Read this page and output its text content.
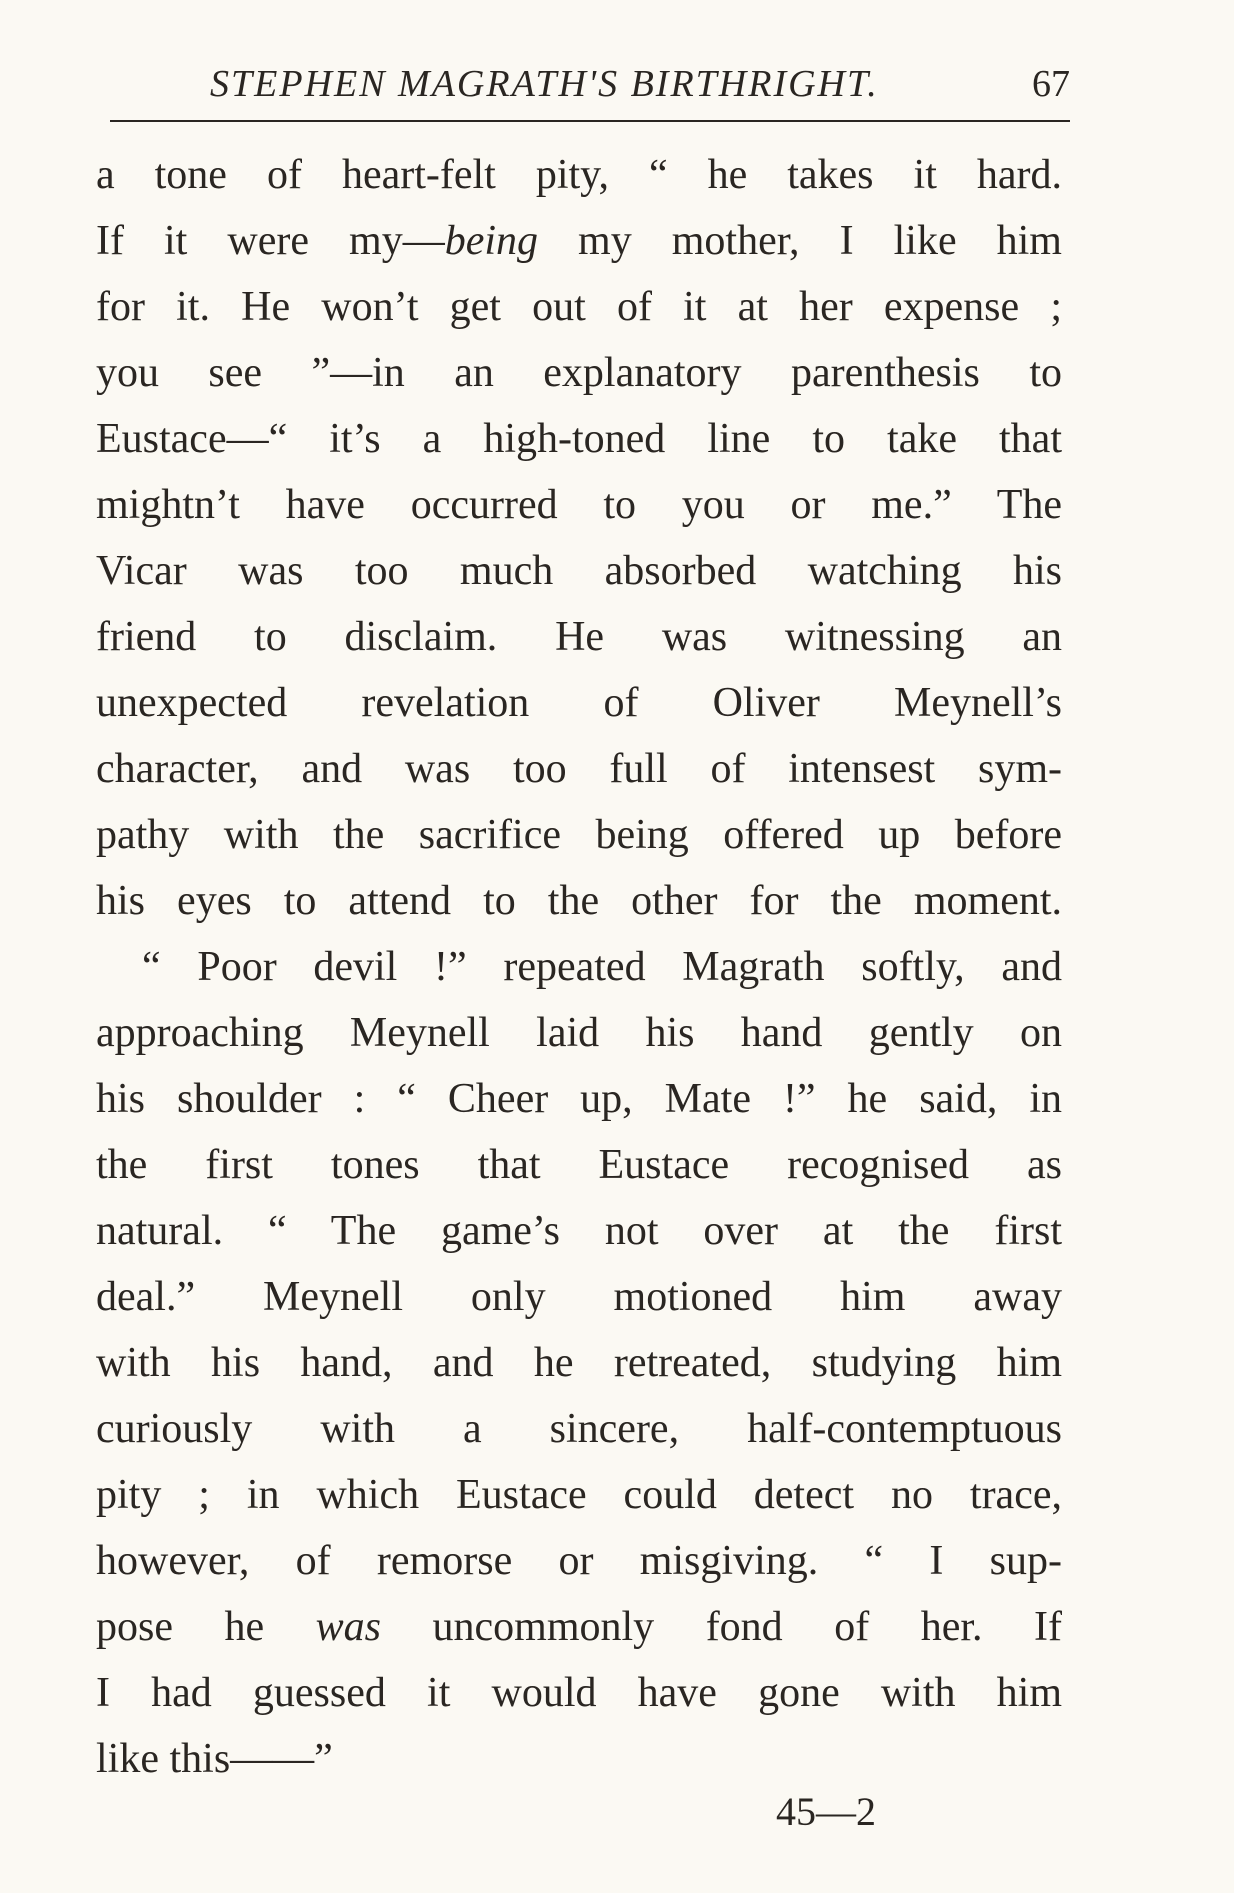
STEPHEN MAGRATH'S BIRTHRIGHT.	67
a tone of heart-felt pity, “ he takes it hard.
If it were my—being my mother, I like him
for it. He won’t get out of it at her expense ;
you see ”—in an explanatory parenthesis to
Eustace—“ it’s a high-toned line to take that
mightn’t have occurred to you or me.” The
Vicar was too much absorbed watching his
friend to disclaim. He was witnessing an
unexpected revelation of Oliver Meynell’s
character, and was too full of intensest sym-
pathy with the sacrifice being offered up before
his eyes to attend to the other for the moment.
“ Poor devil !” repeated Magrath softly, and
approaching Meynell laid his hand gently on
his shoulder : “ Cheer up, Mate !” he said, in
the first tones that Eustace recognised as
natural. “ The game’s not over at the first
deal.” Meynell only motioned him away
with his hand, and he retreated, studying him
curiously with a sincere, half-contemptuous
pity ; in which Eustace could detect no trace,
however, of remorse or misgiving. “ I sup-
pose he was uncommonly fond of her. If
I had guessed it would have gone with him
like this——”
45—2
